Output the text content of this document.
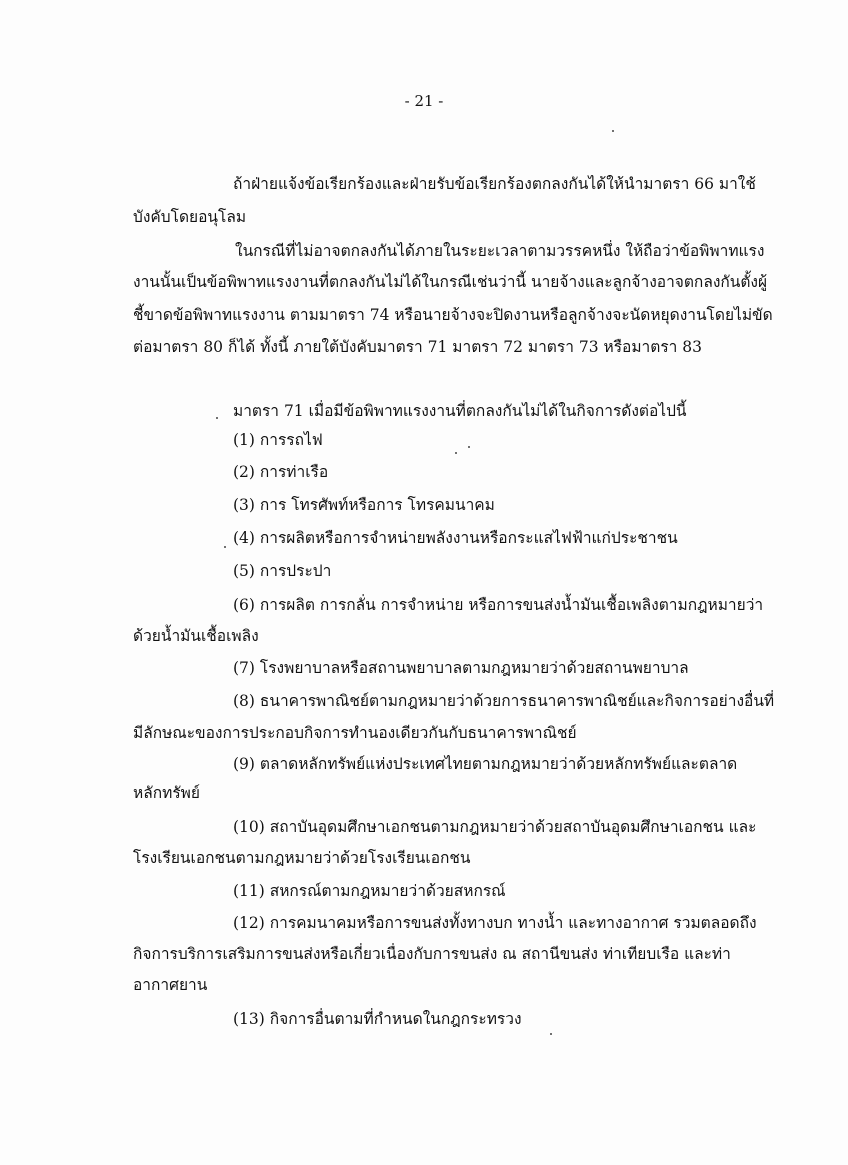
- 21 -
ถ้าฝ่ายแจ้งข้อเรียกร้องและฝ่ายรับข้อเรียกร้องตกลงกันได้ให้นำมาตรา 66 มาใช้
บังคับโดยอนุโลม
ในกรณีที่ไม่อาจตกลงกันได้ภายในระยะเวลาตามวรรคหนึ่ง ให้ถือว่าข้อพิพาทแรง
งานนั้นเป็นข้อพิพาทแรงงานที่ตกลงกันไม่ได้ในกรณีเช่นว่านี้ นายจ้างและลูกจ้างอาจตกลงกันตั้งผู้
ชี้ขาดข้อพิพาทแรงงาน ตามมาตรา 74 หรือนายจ้างจะปิดงานหรือลูกจ้างจะนัดหยุดงานโดยไม่ขัด
ต่อมาตรา 80 ก็ได้ ทั้งนี้ ภายใต้บังคับมาตรา 71 มาตรา 72 มาตรา 73 หรือมาตรา 83
มาตรา 71 เมื่อมีข้อพิพาทแรงงานที่ตกลงกันไม่ได้ในกิจการดังต่อไปนี้
(1) การรถไฟ
(2) การท่าเรือ
(3) การ โทรศัพท์หรือการ โทรคมนาคม
(4) การผลิตหรือการจำหน่ายพลังงานหรือกระแสไฟฟ้าแก่ประชาชน
(5) การประปา
(6) การผลิต การกลั่น การจำหน่าย หรือการขนส่งน้ำมันเชื้อเพลิงตามกฎหมายว่า
ด้วยน้ำมันเชื้อเพลิง
(7) โรงพยาบาลหรือสถานพยาบาลตามกฎหมายว่าด้วยสถานพยาบาล
(8) ธนาคารพาณิชย์ตามกฎหมายว่าด้วยการธนาคารพาณิชย์และกิจการอย่างอื่นที่
มีลักษณะของการประกอบกิจการทำนองเดียวกันกับธนาคารพาณิชย์
(9) ตลาดหลักทรัพย์แห่งประเทศไทยตามกฎหมายว่าด้วยหลักทรัพย์และตลาด
หลักทรัพย์
(10) สถาบันอุดมศึกษาเอกชนตามกฎหมายว่าด้วยสถาบันอุดมศึกษาเอกชน และ
โรงเรียนเอกชนตามกฎหมายว่าด้วยโรงเรียนเอกชน
(11) สหกรณ์ตามกฎหมายว่าด้วยสหกรณ์
(12) การคมนาคมหรือการขนส่งทั้งทางบก ทางน้ำ และทางอากาศ รวมตลอดถึง
กิจการบริการเสริมการขนส่งหรือเกี่ยวเนื่องกับการขนส่ง ณ สถานีขนส่ง ท่าเทียบเรือ และท่า
อากาศยาน
(13) กิจการอื่นตามที่กำหนดในกฎกระทรวง
